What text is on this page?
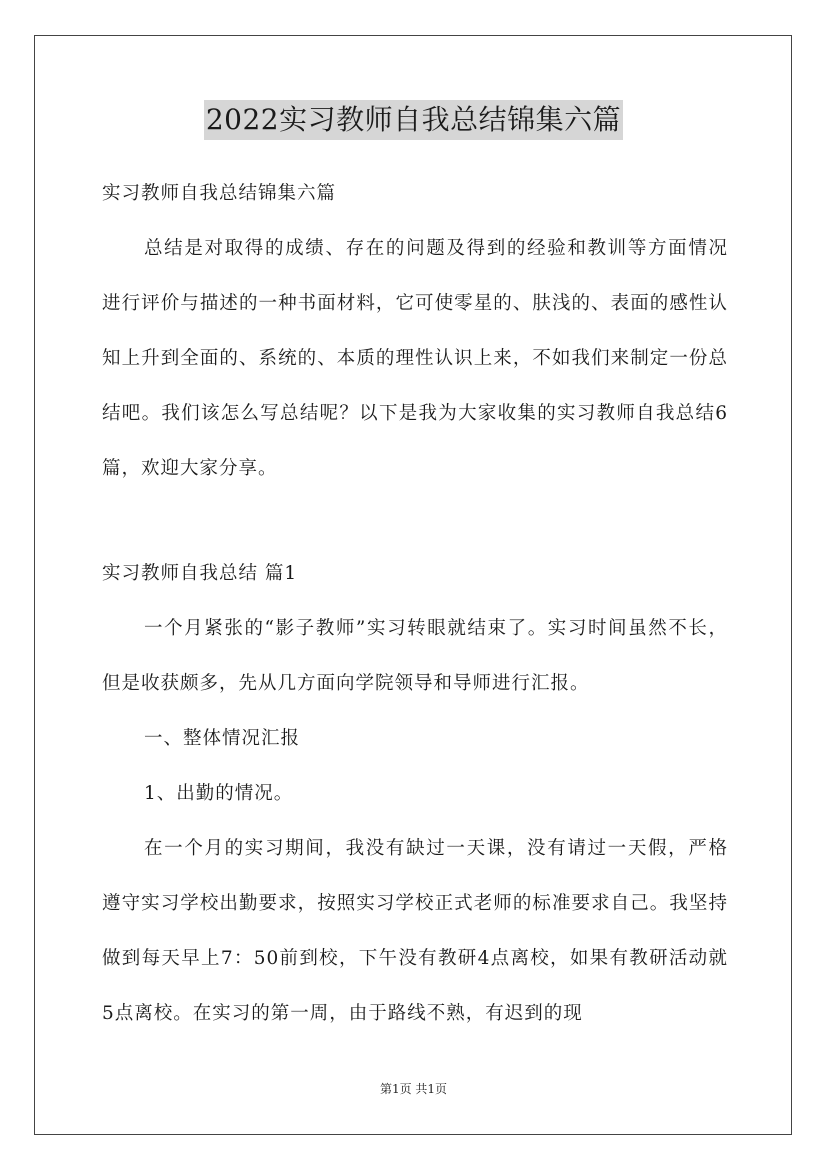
2022实习教师自我总结锦集六篇

实习教师自我总结锦集六篇

总结是对取得的成绩、存在的问题及得到的经验和教训等方面情况进行评价与描述的一种书面材料，它可使零星的、肤浅的、表面的感性认知上升到全面的、系统的、本质的理性认识上来，不如我们来制定一份总结吧。我们该怎么写总结呢？以下是我为大家收集的实习教师自我总结6篇，欢迎大家分享。

实习教师自我总结 篇1

一个月紧张的“影子教师”实习转眼就结束了。实习时间虽然不长，但是收获颇多，先从几方面向学院领导和导师进行汇报。

一、整体情况汇报

1、出勤的情况。

在一个月的实习期间，我没有缺过一天课，没有请过一天假，严格遵守实习学校出勤要求，按照实习学校正式老师的标准要求自己。我坚持做到每天早上7：50前到校，下午没有教研4点离校，如果有教研活动就5点离校。在实习的第一周，由于路线不熟，有迟到的现

第1页 共1页
